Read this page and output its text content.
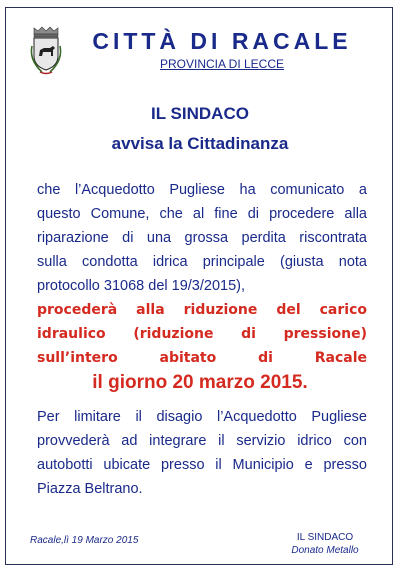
CITTÀ DI RACALE
PROVINCIA DI LECCE
IL SINDACO
avvisa la Cittadinanza
che l’Acquedotto Pugliese ha comunicato a
questo Comune, che al fine di procedere alla
riparazione di una grossa perdita riscontrata
sulla condotta idrica principale (giusta nota
protocollo 31068 del 19/3/2015),
procederà alla riduzione del carico
idraulico (riduzione di pressione)
sull’intero abitato di Racale
il giorno 20 marzo 2015.
Per limitare il disagio l’Acquedotto Pugliese
provvederà ad integrare il servizio idrico con
autobotti ubicate presso il Municipio e presso
Piazza Beltrano.
Racale,lì 19 Marzo 2015	IL SINDACO
Donato Metallo
